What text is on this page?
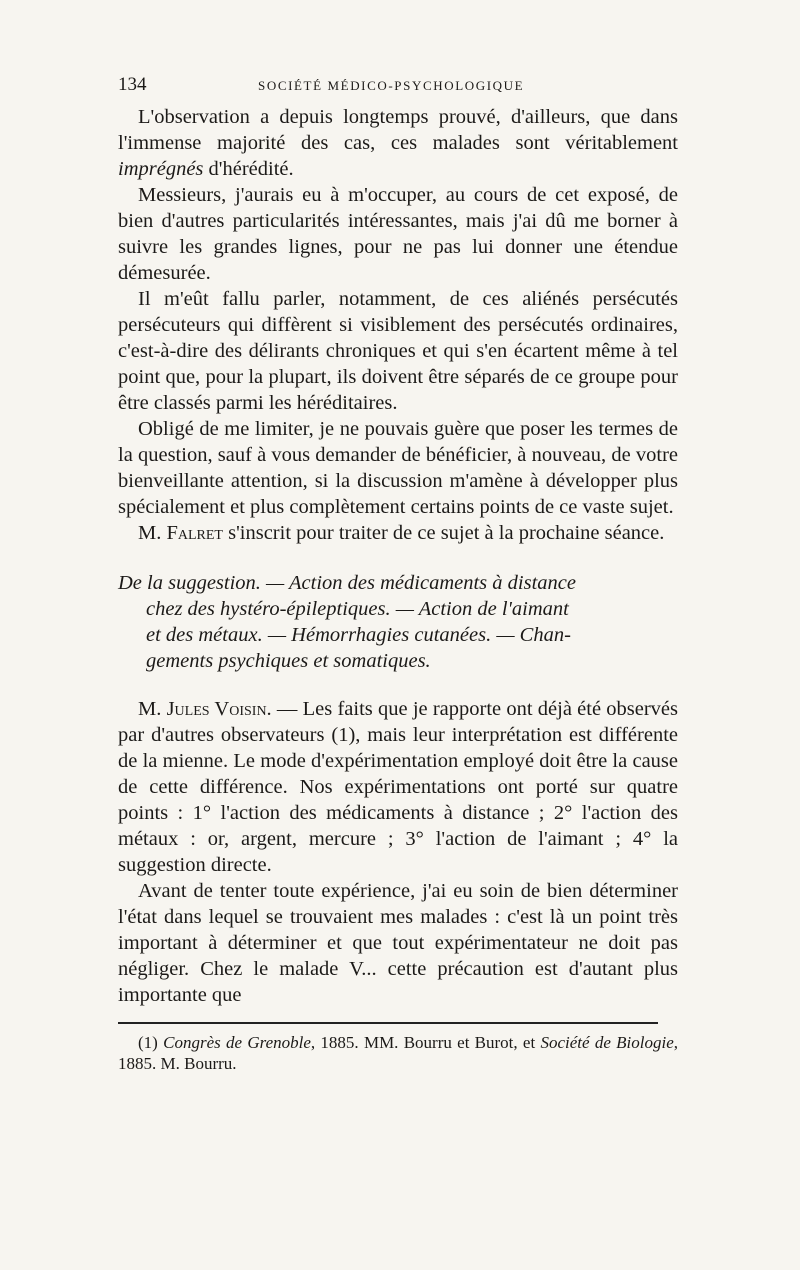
134	SOCIÉTÉ MÉDICO-PSYCHOLOGIQUE

L'observation a depuis longtemps prouvé, d'ailleurs, que dans l'immense majorité des cas, ces malades sont véritablement imprégnés d'hérédité.

Messieurs, j'aurais eu à m'occuper, au cours de cet exposé, de bien d'autres particularités intéressantes, mais j'ai dû me borner à suivre les grandes lignes, pour ne pas lui donner une étendue démesurée.

Il m'eût fallu parler, notamment, de ces aliénés persécutés persécuteurs qui diffèrent si visiblement des persécutés ordinaires, c'est-à-dire des délirants chroniques et qui s'en écartent même à tel point que, pour la plupart, ils doivent être séparés de ce groupe pour être classés parmi les héréditaires.

Obligé de me limiter, je ne pouvais guère que poser les termes de la question, sauf à vous demander de bénéficier, à nouveau, de votre bienveillante attention, si la discussion m'amène à développer plus spécialement et plus complètement certains points de ce vaste sujet.

M. Falret s'inscrit pour traiter de ce sujet à la prochaine séance.

De la suggestion. — Action des médicaments à distance
chez des hystéro-épileptiques. — Action de l'aimant
et des métaux. — Hémorrhagies cutanées. — Chan-
gements psychiques et somatiques.

M. Jules Voisin. — Les faits que je rapporte ont déjà été observés par d'autres observateurs (1), mais leur interprétation est différente de la mienne. Le mode d'expérimentation employé doit être la cause de cette différence. Nos expérimentations ont porté sur quatre points : 1° l'action des médicaments à distance ; 2° l'action des métaux : or, argent, mercure ; 3° l'action de l'aimant ; 4° la suggestion directe.

Avant de tenter toute expérience, j'ai eu soin de bien déterminer l'état dans lequel se trouvaient mes malades : c'est là un point très important à déterminer et que tout expérimentateur ne doit pas négliger. Chez le malade V... cette précaution est d'autant plus importante que

(1) Congrès de Grenoble, 1885. MM. Bourru et Burot, et Société de Biologie, 1885. M. Bourru.
